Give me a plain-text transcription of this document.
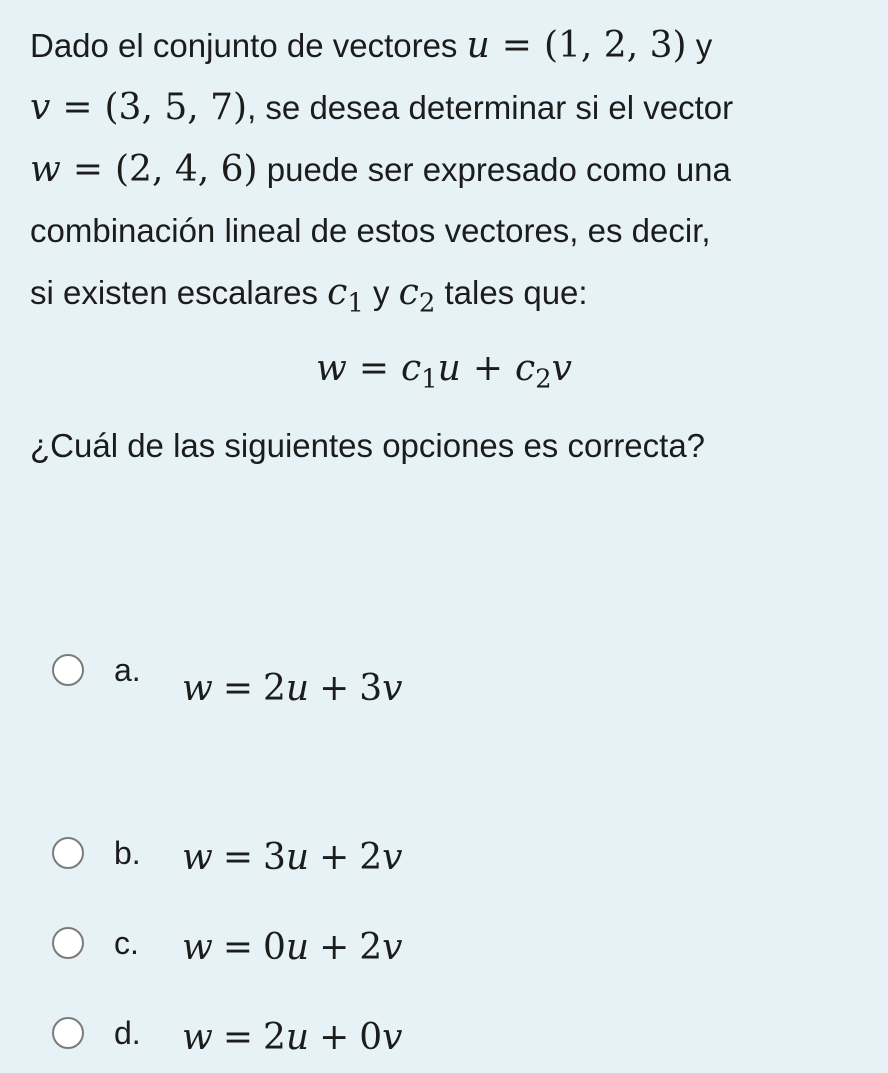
Dado el conjunto de vectores u = (1, 2, 3) y

v = (3, 5, 7), se desea determinar si el vector

w = (2, 4, 6) puede ser expresado como una

combinación lineal de estos vectores, es decir,

si existen escalares $c_1$ y $c_2$ tales que:

$w = c_1u + c_2v$
¿Cuál de las siguientes opciones es correcta?
a. w = 2u + 3v
b. w = 3u + 2v
c. w = 0u + 2v
d. w = 2u + 0v
